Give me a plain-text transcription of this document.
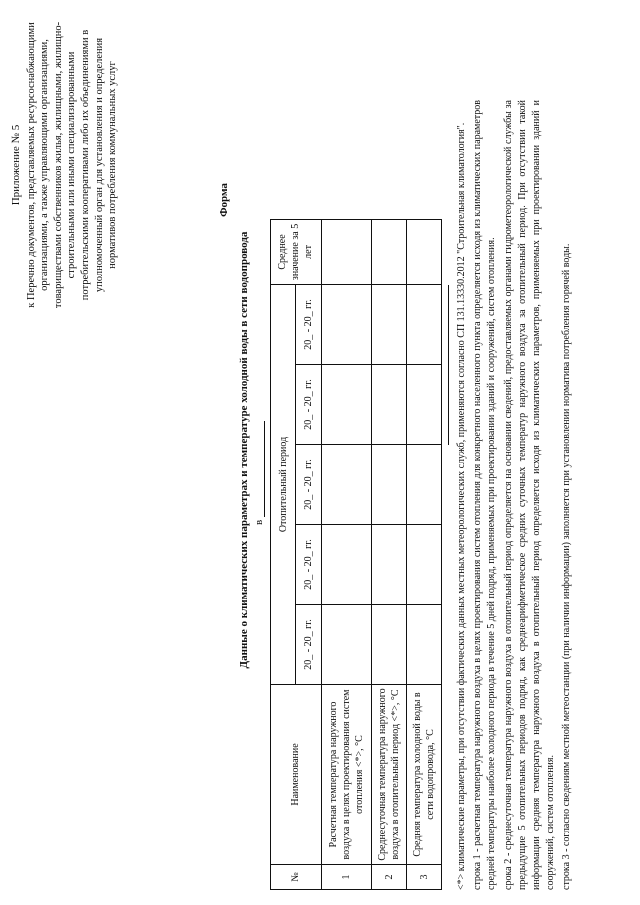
Приложение № 5 к Перечню документов, представляемых ресурсоснабжающими организациями, а также управляющими организациями, товариществами собственников жилья, жилищными, жилищно- строительными или иными специализированными потребительскими кооперативами либо их объединениями в уполномоченный орган для установления и определения нормативов потребления коммунальных услуг	Форма
Данные о климатических параметрах и температуре холодной воды в сети водопровода в
№	Наименование	Отопительный период					Среднее значение за 5 лет
		20_ - 20_ гг.	20_ - 20_ гг.	20_ - 20_ гг.	20_ - 20_ гг.	20_ - 20_ гг.	
1	Расчетная температура наружного воздуха в целях проектирования систем отопления <*>, °С						
2	Среднесуточная температура наружного воздуха в отопительный период <*>, °С						
3	Средняя температура холодной воды в сети водопровода, °С						<*> климатические параметры, при отсутствии фактических данных местных метеорологических служб, применяются согласно СП 131.13330.2012 "Строительная климатология". строка 1 - расчетная температура наружного воздуха в целях проектирования систем отопления для конкретного населенного пункта определяется исходя из климатических параметров средней температуры наиболее холодного периода в течение 5 дней подряд, применяемых при проектировании зданий и сооружений, систем отопления. срока 2 - среднесуточная температура наружного воздуха в отопительный период определяется на основании сведений, предоставляемых органами гидрометеорологической службы за предыдущие 5 отопительных периодов подряд, как среднеарифметическое средних суточных температур наружного воздуха за отопительный период. При отсутствии такой информации средняя температура наружного воздуха в отопительный период определяется исходя из климатических параметров, применяемых при проектировании зданий и сооружений, систем отопления. строка 3 - согласно сведениям местной метеостанции (при наличии информации) заполняется при установлении норматива потребления горячей воды.
